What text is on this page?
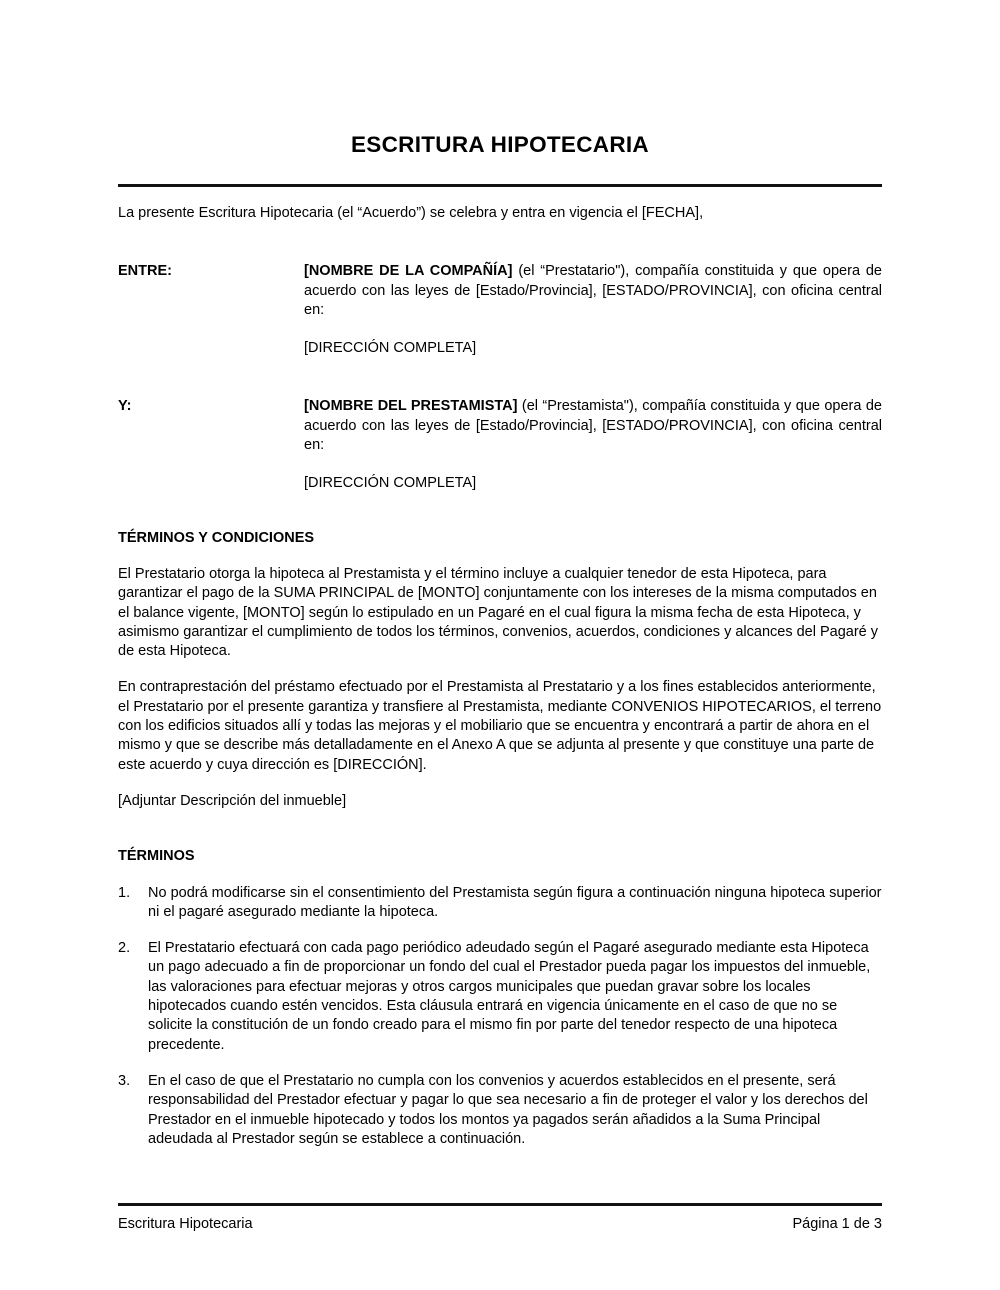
ESCRITURA HIPOTECARIA
La presente Escritura Hipotecaria (el “Acuerdo”) se celebra y entra en vigencia el [FECHA],
ENTRE:	[NOMBRE DE LA COMPAÑÍA] (el “Prestatario"), compañía constituida y que opera de acuerdo con las leyes de [Estado/Provincia], [ESTADO/PROVINCIA], con oficina central en:
[DIRECCIÓN COMPLETA]
Y:	[NOMBRE DEL PRESTAMISTA] (el “Prestamista"), compañía constituida y que opera de acuerdo con las leyes de [Estado/Provincia], [ESTADO/PROVINCIA], con oficina central en:
[DIRECCIÓN COMPLETA]
TÉRMINOS Y CONDICIONES
El Prestatario otorga la hipoteca al Prestamista y el término incluye a cualquier tenedor de esta Hipoteca, para garantizar el pago de la SUMA PRINCIPAL de [MONTO] conjuntamente con los intereses de la misma computados en el balance vigente, [MONTO] según lo estipulado en un Pagaré en el cual figura la misma fecha de esta Hipoteca, y asimismo garantizar el cumplimiento de todos los términos, convenios, acuerdos, condiciones y alcances del Pagaré y de esta Hipoteca.
En contraprestación del préstamo efectuado por el Prestamista al Prestatario y a los fines establecidos anteriormente, el Prestatario por el presente garantiza y transfiere al Prestamista, mediante CONVENIOS HIPOTECARIOS, el terreno con los edificios situados allí y todas las mejoras y el mobiliario que se encuentra y encontrará a partir de ahora en el mismo y que se describe más detalladamente en el Anexo A que se adjunta al presente y que constituye una parte de este acuerdo y cuya dirección es [DIRECCIÓN].
[Adjuntar Descripción del inmueble]
TÉRMINOS
1.	No podrá modificarse sin el consentimiento del Prestamista según figura a continuación ninguna hipoteca superior ni el pagaré asegurado mediante la hipoteca.
2.	El Prestatario efectuará con cada pago periódico adeudado según el Pagaré asegurado mediante esta Hipoteca un pago adecuado a fin de proporcionar un fondo del cual el Prestador pueda pagar los impuestos del inmueble, las valoraciones para efectuar mejoras y otros cargos municipales que puedan gravar sobre los locales hipotecados cuando estén vencidos. Esta cláusula entrará en vigencia únicamente en el caso de que no se solicite la constitución de un fondo creado para el mismo fin por parte del tenedor respecto de una hipoteca precedente.
3.	En el caso de que el Prestatario no cumpla con los convenios y acuerdos establecidos en el presente, será responsabilidad del Prestador efectuar y pagar lo que sea necesario a fin de proteger el valor y los derechos del Prestador en el inmueble hipotecado y todos los montos ya pagados serán añadidos a la Suma Principal adeudada al Prestador según se establece a continuación.
Escritura Hipotecaria	Página 1 de 3
